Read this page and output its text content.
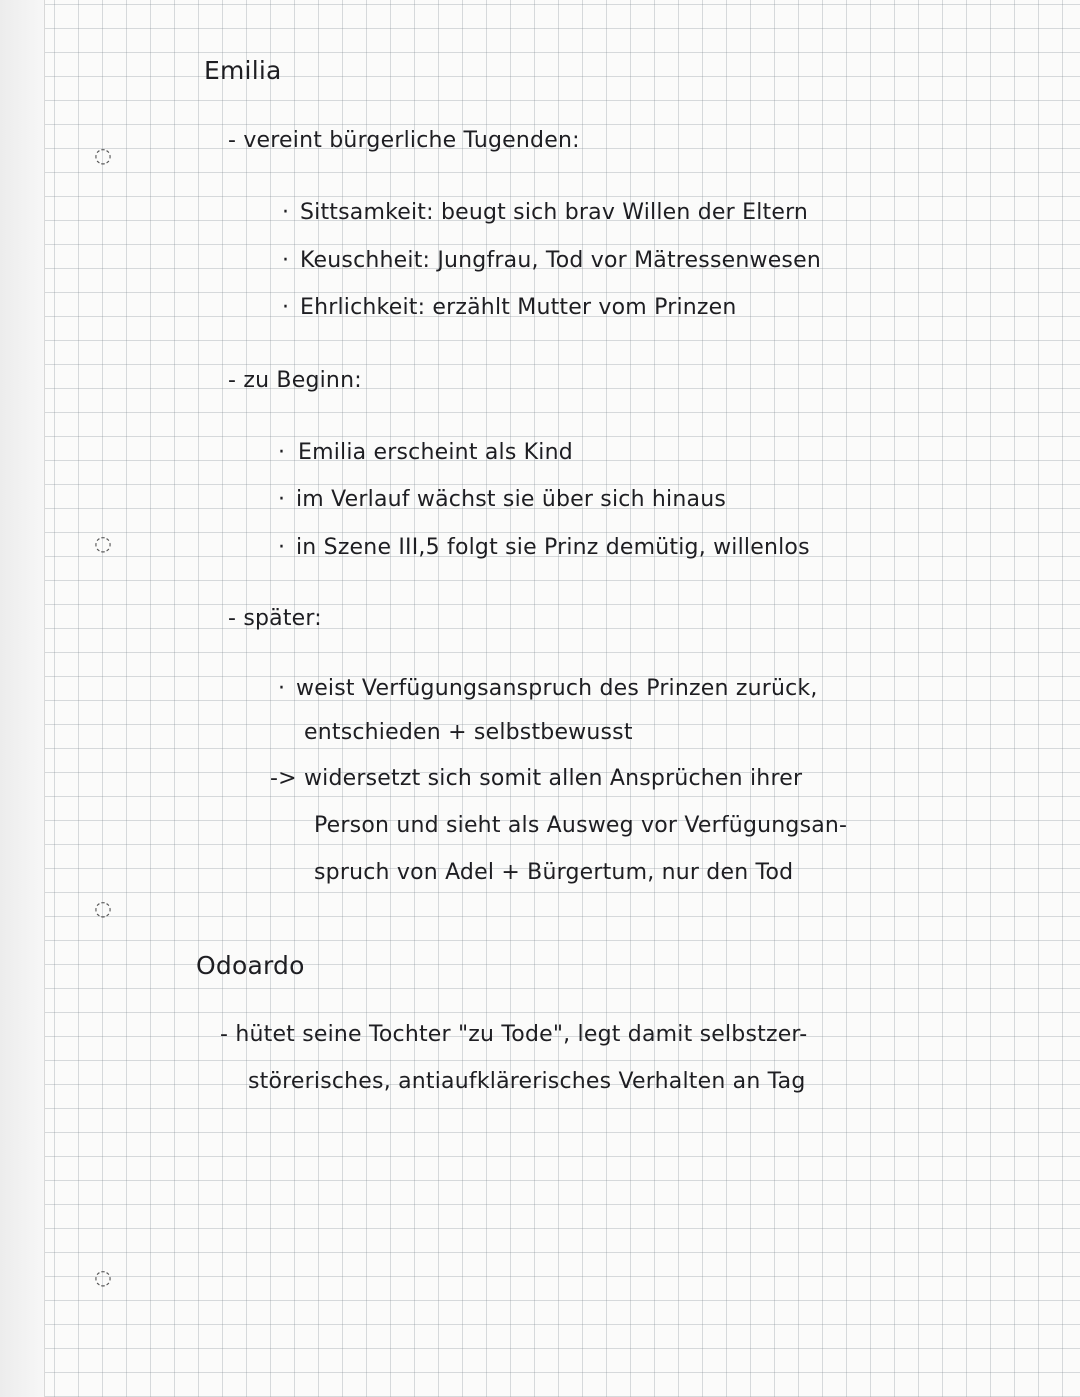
◌
◌
◌
◌

Emilia

- vereint bürgerliche Tugenden:

· Sittsamkeit: beugt sich brav Willen der Eltern

· Keuschheit: Jungfrau, Tod vor Mätressenwesen

· Ehrlichkeit: erzählt Mutter vom Prinzen

- zu Beginn:

· Emilia erscheint als Kind

· im Verlauf wächst sie über sich hinaus

· in Szene III,5 folgt sie Prinz demütig, willenlos

- später:

· weist Verfügungsanspruch des Prinzen zurück,

entschieden + selbstbewusst

-> widersetzt sich somit allen Ansprüchen ihrer

Person und sieht als Ausweg vor Verfügungsan-

spruch von Adel + Bürgertum, nur den Tod

Odoardo

- hütet seine Tochter "zu Tode", legt damit selbstzer-

störerisches, antiaufklärerisches Verhalten an Tag
